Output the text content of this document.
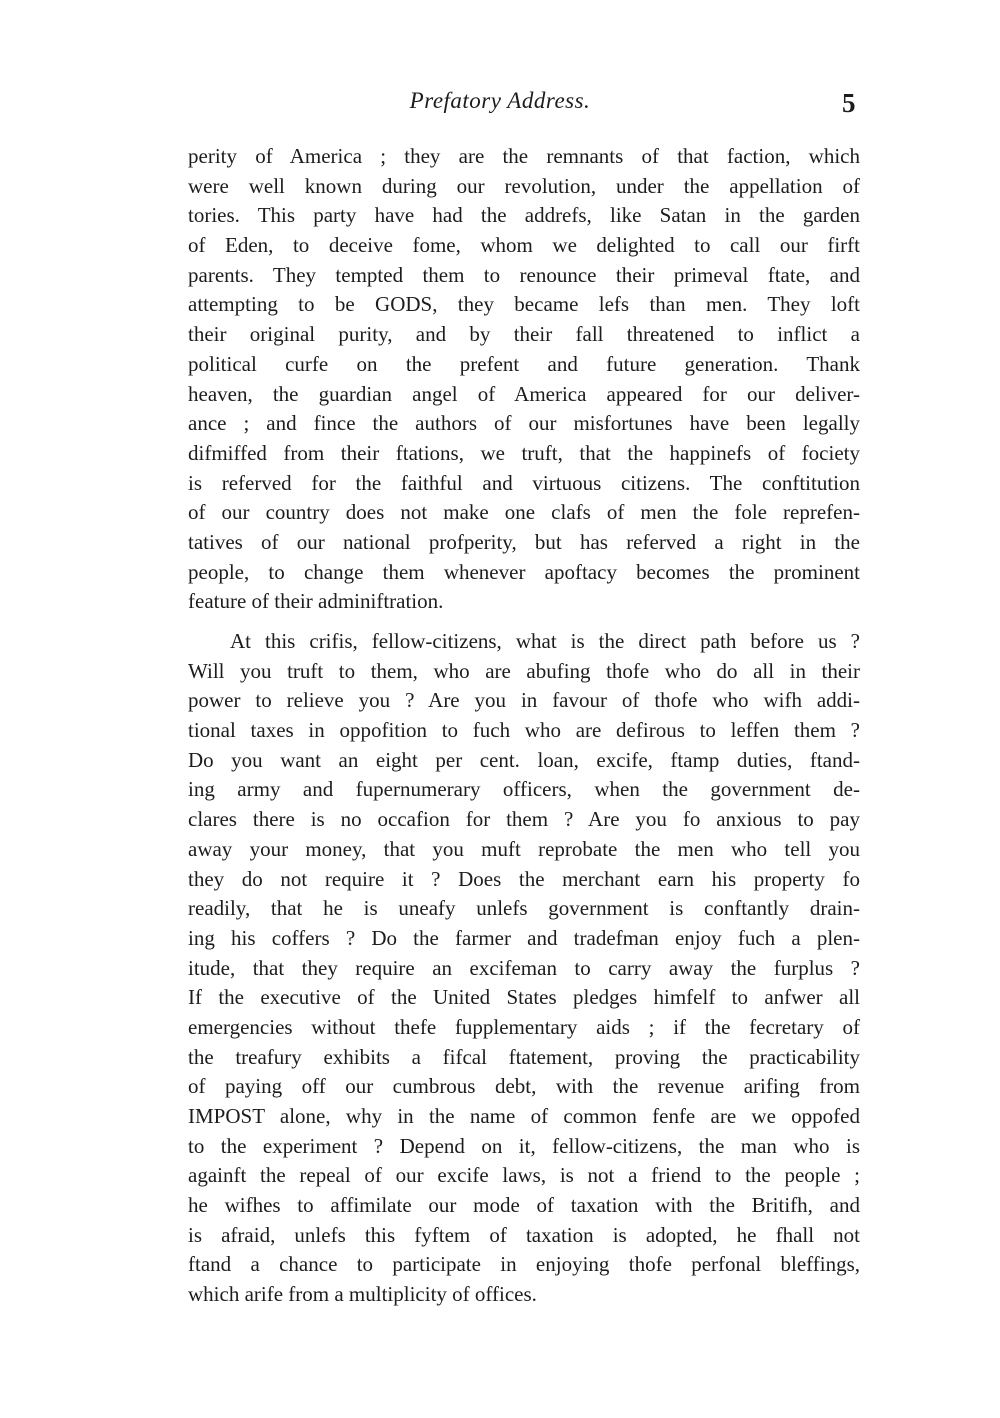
Prefatory Address.	5
perity of America ; they are the remnants of that faction, which
were well known during our revolution, under the appellation of
tories. This party have had the addrefs, like Satan in the garden
of Eden, to deceive fome, whom we delighted to call our firft
parents. They tempted them to renounce their primeval ftate, and
attempting to be GODS, they became lefs than men. They loft
their original purity, and by their fall threatened to inflict a
political curfe on the prefent and future generation. Thank
heaven, the guardian angel of America appeared for our deliver-
ance ; and fince the authors of our misfortunes have been legally
difmiffed from their ftations, we truft, that the happinefs of fociety
is referved for the faithful and virtuous citizens. The conftitution
of our country does not make one clafs of men the fole reprefen-
tatives of our national profperity, but has referved a right in the
people, to change them whenever apoftacy becomes the prominent
feature of their adminiftration.
At this crifis, fellow-citizens, what is the direct path before us ?
Will you truft to them, who are abufing thofe who do all in their
power to relieve you ? Are you in favour of thofe who wifh addi-
tional taxes in oppofition to fuch who are defirous to leffen them ?
Do you want an eight per cent. loan, excife, ftamp duties, ftand-
ing army and fupernumerary officers, when the government de-
clares there is no occafion for them ? Are you fo anxious to pay
away your money, that you muft reprobate the men who tell you
they do not require it ? Does the merchant earn his property fo
readily, that he is uneafy unlefs government is conftantly drain-
ing his coffers ? Do the farmer and tradefman enjoy fuch a plen-
itude, that they require an excifeman to carry away the furplus ?
If the executive of the United States pledges himfelf to anfwer all
emergencies without thefe fupplementary aids ; if the fecretary of
the treafury exhibits a fifcal ftatement, proving the practicability
of paying off our cumbrous debt, with the revenue arifing from
IMPOST alone, why in the name of common fenfe are we oppofed
to the experiment ? Depend on it, fellow-citizens, the man who is
againft the repeal of our excife laws, is not a friend to the people ;
he wifhes to affimilate our mode of taxation with the Britifh, and
is afraid, unlefs this fyftem of taxation is adopted, he fhall not
ftand a chance to participate in enjoying thofe perfonal bleffings,
which arife from a multiplicity of offices.
